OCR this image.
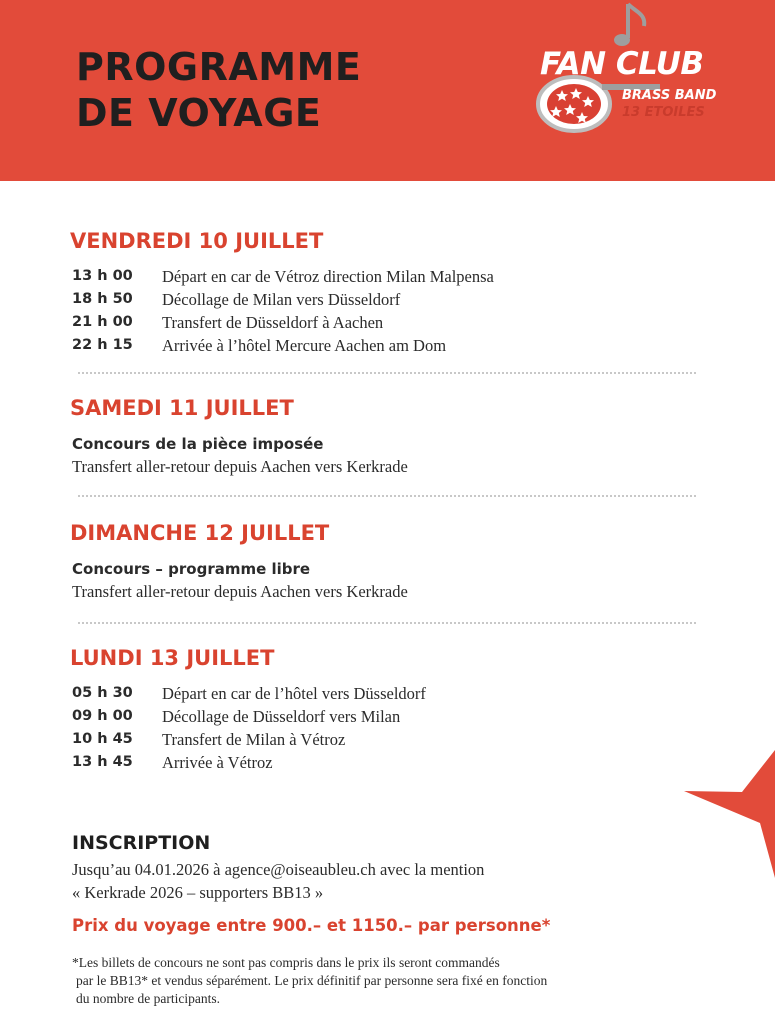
PROGRAMME
DE VOYAGE
FAN CLUB
BRASS BAND
13 ETOILES
VENDREDI 10 JUILLET
13 h 00 Départ en car de Vétroz direction Milan Malpensa
18 h 50 Décollage de Milan vers Düsseldorf
21 h 00 Transfert de Düsseldorf à Aachen
22 h 15 Arrivée à l’hôtel Mercure Aachen am Dom
SAMEDI 11 JUILLET
Concours de la pièce imposée
Transfert aller-retour depuis Aachen vers Kerkrade
DIMANCHE 12 JUILLET
Concours – programme libre
Transfert aller-retour depuis Aachen vers Kerkrade
LUNDI 13 JUILLET
05 h 30 Départ en car de l’hôtel vers Düsseldorf
09 h 00 Décollage de Düsseldorf vers Milan
10 h 45 Transfert de Milan à Vétroz
13 h 45 Arrivée à Vétroz
INSCRIPTION
Jusqu’au 04.01.2026 à agence@oiseaubleu.ch avec la mention
« Kerkrade 2026 – supporters BB13 »
Prix du voyage entre 900.– et 1150.– par personne*
*Les billets de concours ne sont pas compris dans le prix ils seront commandés
par le BB13* et vendus séparément. Le prix définitif par personne sera fixé en fonction
du nombre de participants.
